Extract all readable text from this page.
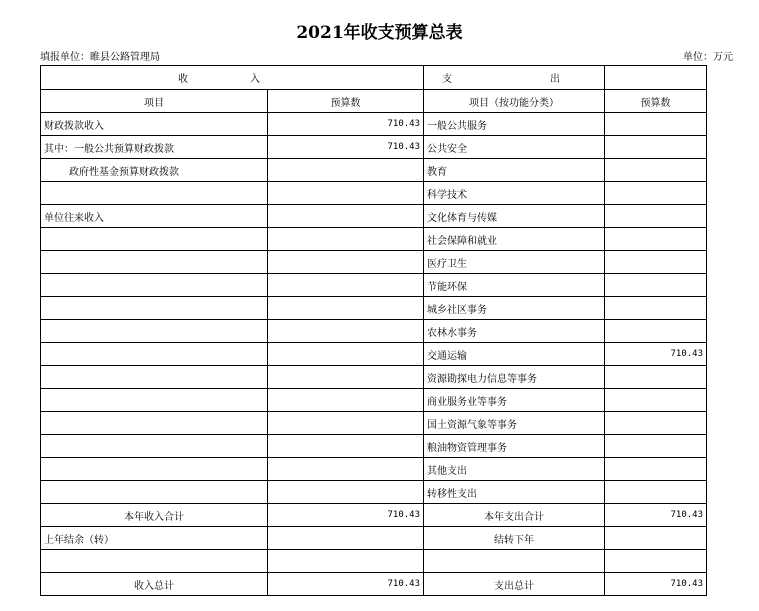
2021年收支预算总表
填报单位：睢县公路管理局	单位：万元
收　入		支　　出	
项目	预算数	项目（按功能分类）	预算数
财政拨款收入	710.43	一般公共服务	
其中：一般公共预算财政拨款	710.43	公共安全	
政府性基金预算财政拨款		教育	
		科学技术	
单位往来收入		文化体育与传媒	
		社会保障和就业	
		医疗卫生	
		节能环保	
		城乡社区事务	
		农林水事务	
		交通运输	710.43
		资源勘探电力信息等事务	
		商业服务业等事务	
		国土资源气象等事务	
		粮油物资管理事务	
		其他支出	
		转移性支出	
本年收入合计	710.43	本年支出合计	710.43
上年结余（转）		结转下年	

收入总计	710.43	支出总计	710.43
